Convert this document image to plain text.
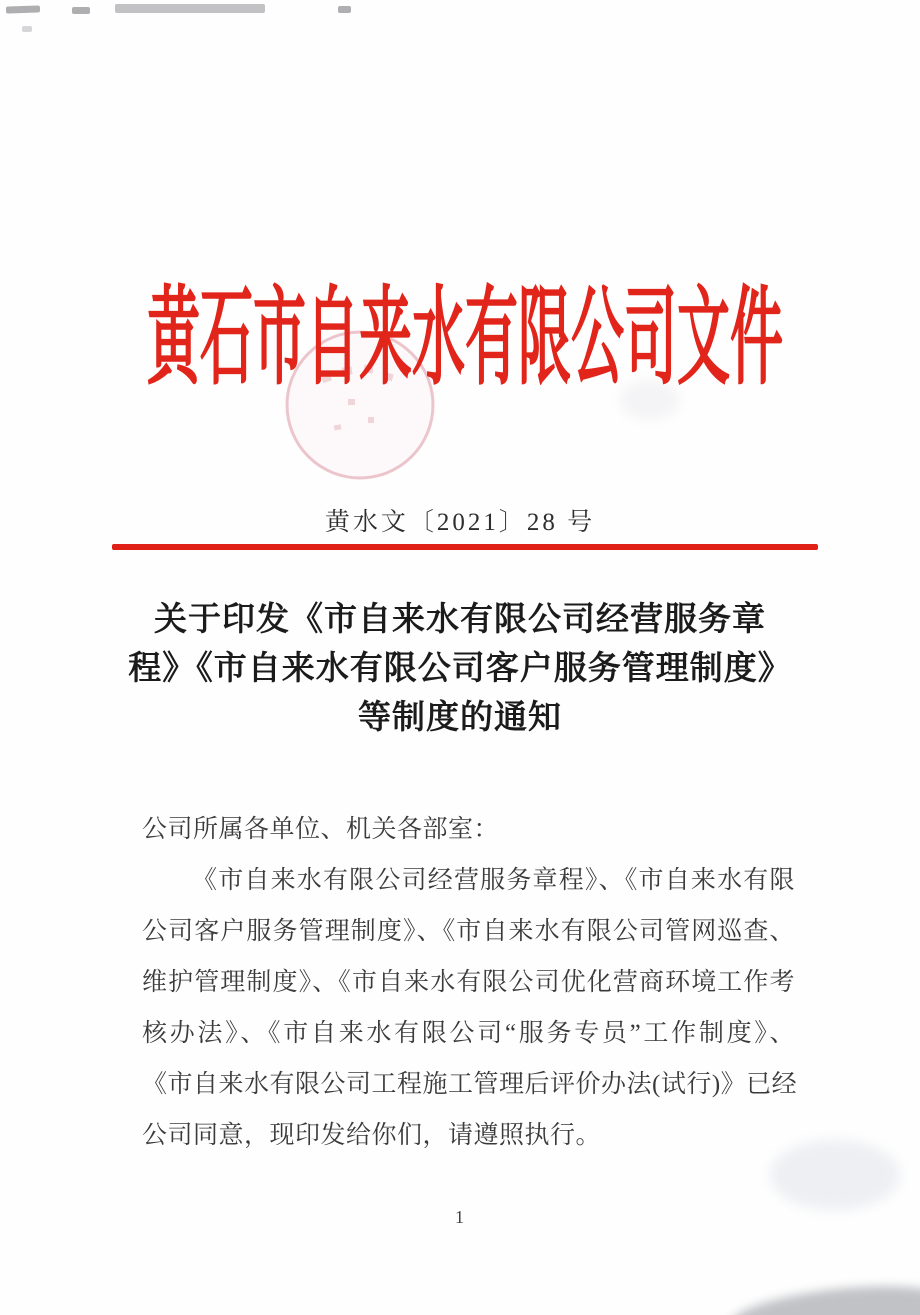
黄石市自来水有限公司文件
黄水文〔2021〕28 号
关于印发《市自来水有限公司经营服务章
程》《市自来水有限公司客户服务管理制度》
等制度的通知
公司所属各单位、机关各部室：
《市自来水有限公司经营服务章程》、《市自来水有限
公司客户服务管理制度》、《市自来水有限公司管网巡查、
维护管理制度》、《市自来水有限公司优化营商环境工作考
核办法》、《市自来水有限公司“服务专员”工作制度》、
《市自来水有限公司工程施工管理后评价办法(试行)》已经
公司同意，现印发给你们，请遵照执行。
1
